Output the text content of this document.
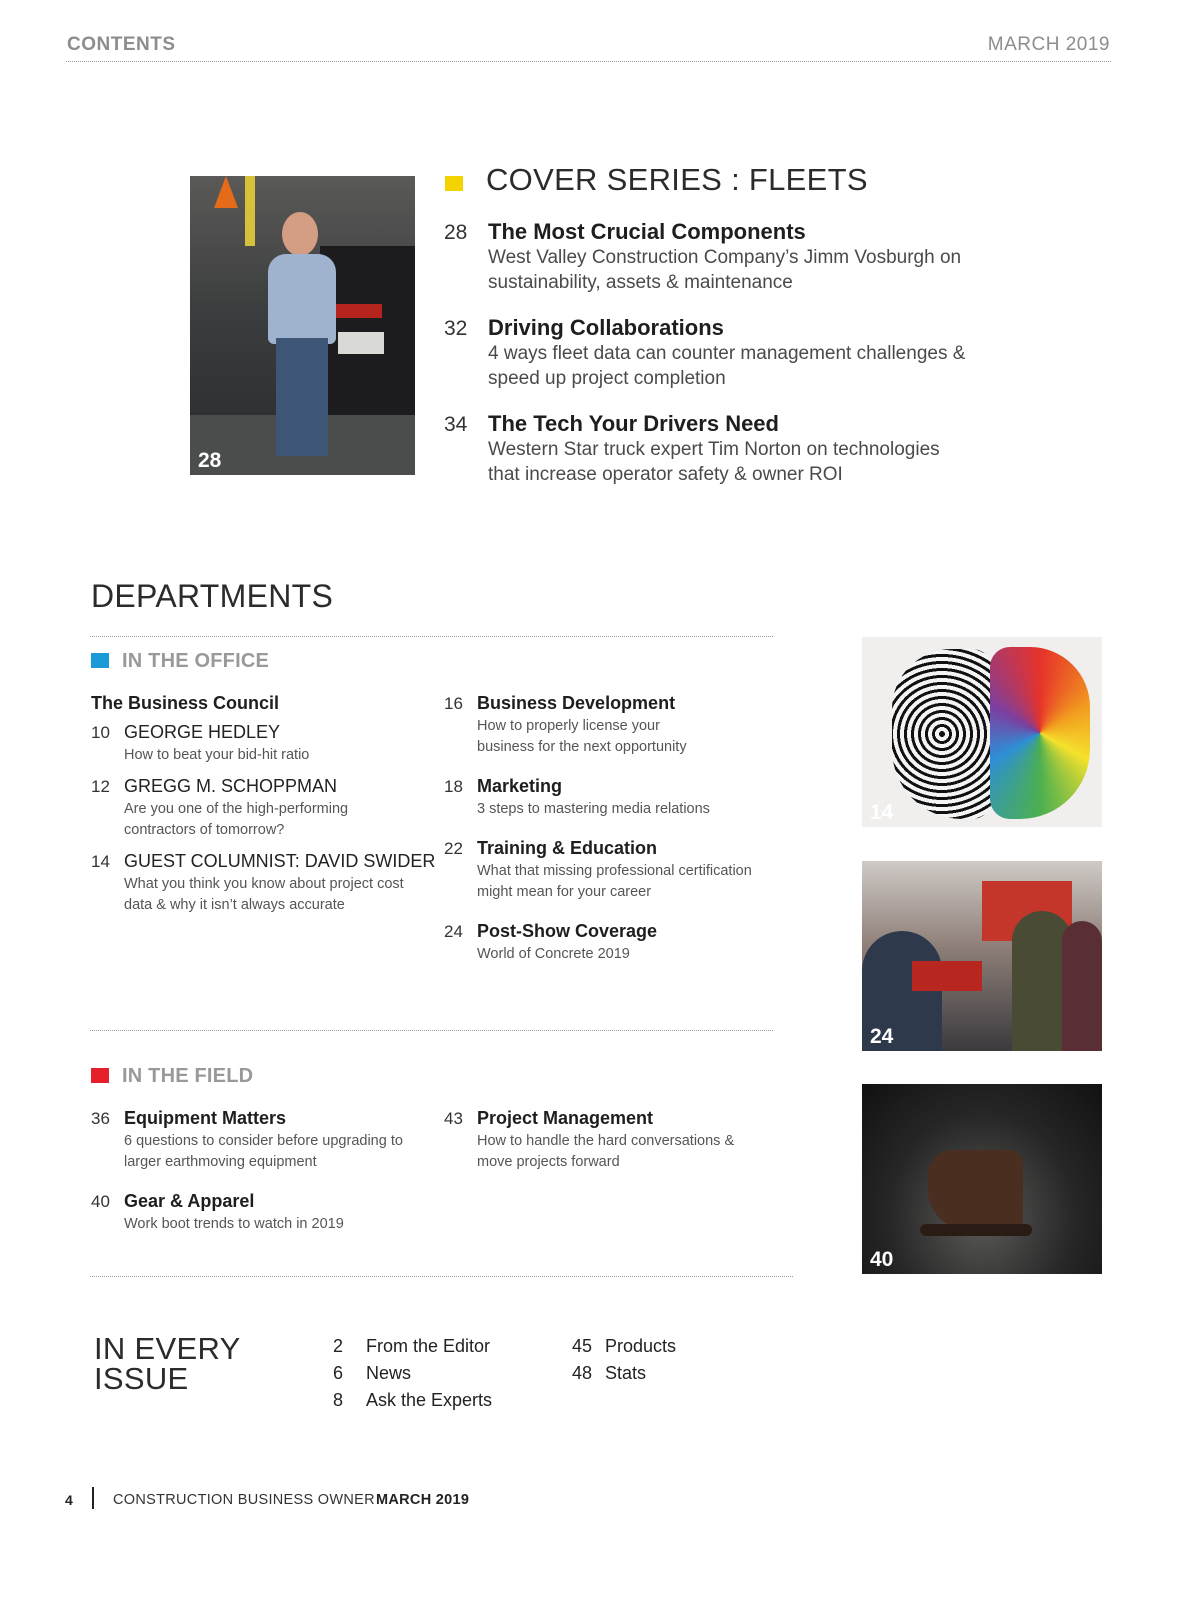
CONTENTS	MARCH 2019
28
COVER SERIES : FLEETS
28 The Most Crucial Components
West Valley Construction Company’s Jimm Vosburgh on sustainability, assets & maintenance
32 Driving Collaborations
4 ways fleet data can counter management challenges & speed up project completion
34 The Tech Your Drivers Need
Western Star truck expert Tim Norton on technologies that increase operator safety & owner ROI
DEPARTMENTS
IN THE OFFICE
The Business Council
10 GEORGE HEDLEY
How to beat your bid-hit ratio
12 GREGG M. SCHOPPMAN
Are you one of the high-performing contractors of tomorrow?
14 GUEST COLUMNIST: DAVID SWIDER
What you think you know about project cost data & why it isn’t always accurate
16 Business Development
How to properly license your business for the next opportunity
18 Marketing
3 steps to mastering media relations
22 Training & Education
What that missing professional certification might mean for your career
24 Post-Show Coverage
World of Concrete 2019
IN THE FIELD
36 Equipment Matters
6 questions to consider before upgrading to larger earthmoving equipment
40 Gear & Apparel
Work boot trends to watch in 2019
43 Project Management
How to handle the hard conversations & move projects forward
14
24
40
IN EVERY
ISSUE
2 From the Editor
6 News
8 Ask the Experts
45 Products
48 Stats
4	CONSTRUCTION BUSINESS OWNER MARCH 2019
